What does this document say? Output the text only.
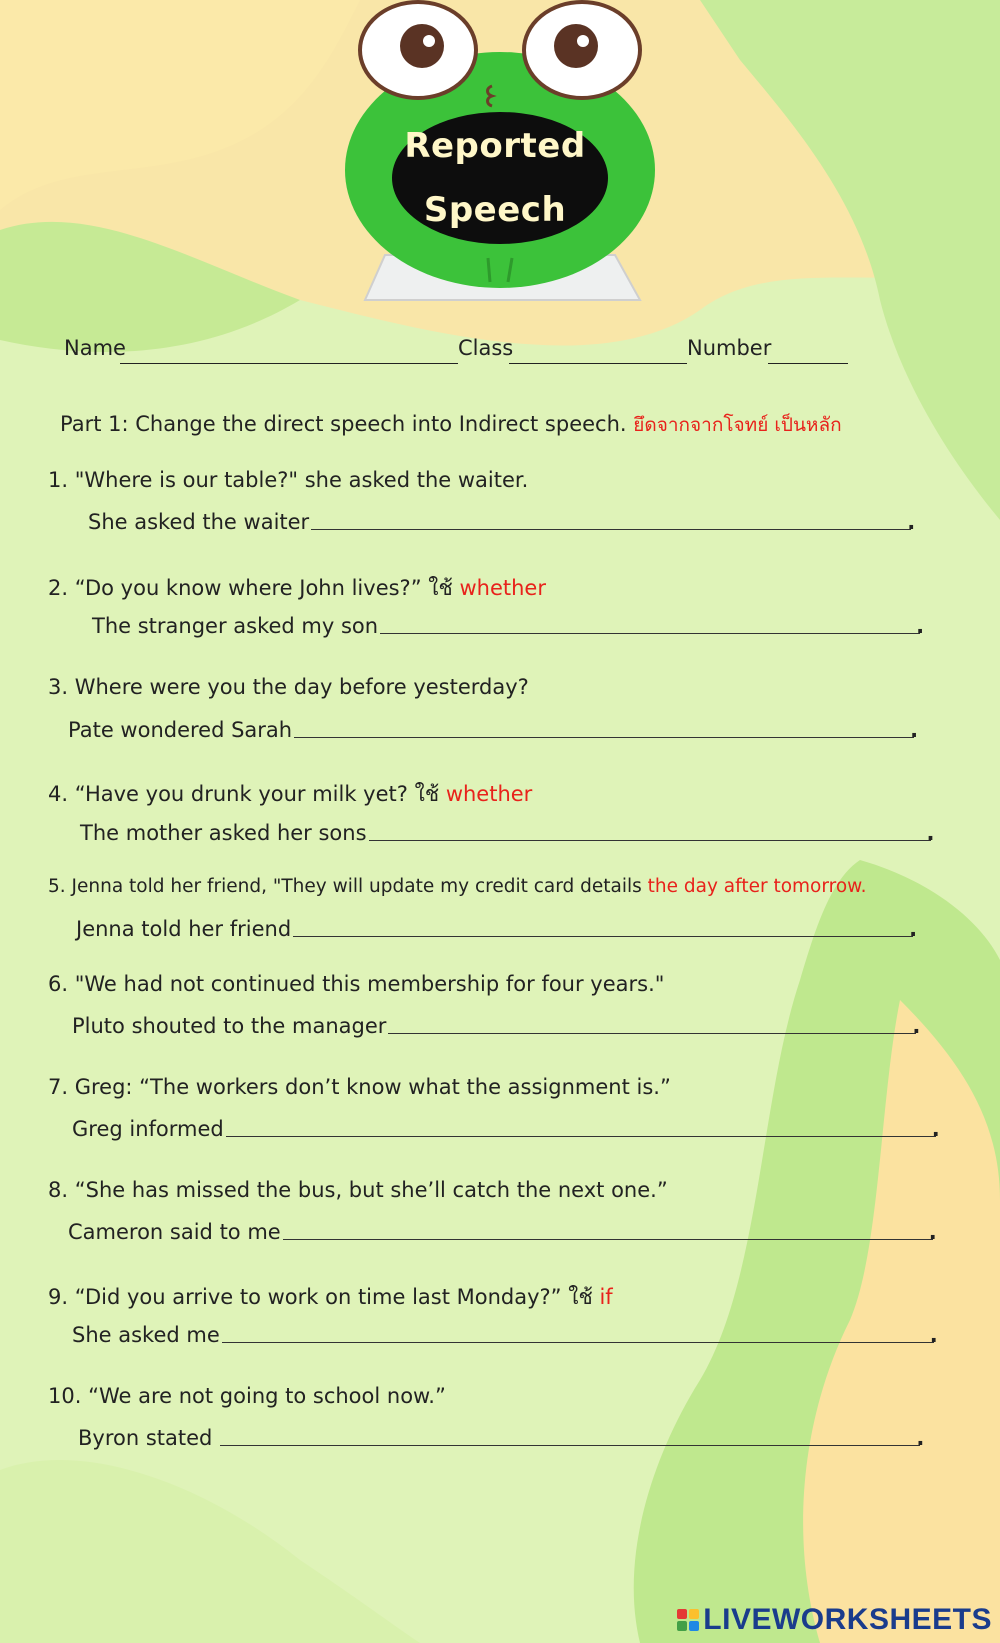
Reported
Speech
Name	Class	Number
Part 1: Change the direct speech into Indirect speech. ยึดจากจากโจทย์ เป็นหลัก
1. "Where is our table?" she asked the waiter.
She asked the waiter	.
2. “Do you know where John lives?” ใช้ whether
The stranger asked my son	.
3. Where were you the day before yesterday?
Pate wondered Sarah	.
4. “Have you drunk your milk yet? ใช้ whether
The mother asked her sons	.
5. Jenna told her friend, "They will update my credit card details the day after tomorrow.
Jenna told her friend	.
6. "We had not continued this membership for four years."
Pluto shouted to the manager	.
7. Greg: “The workers don’t know what the assignment is.”
Greg informed	.
8. “She has missed the bus, but she’ll catch the next one.”
Cameron said to me	.
9. “Did you arrive to work on time last Monday?” ใช้ if
She asked me	.
10. “We are not going to school now.”
Byron stated	.
LIVEWORKSHEETS
